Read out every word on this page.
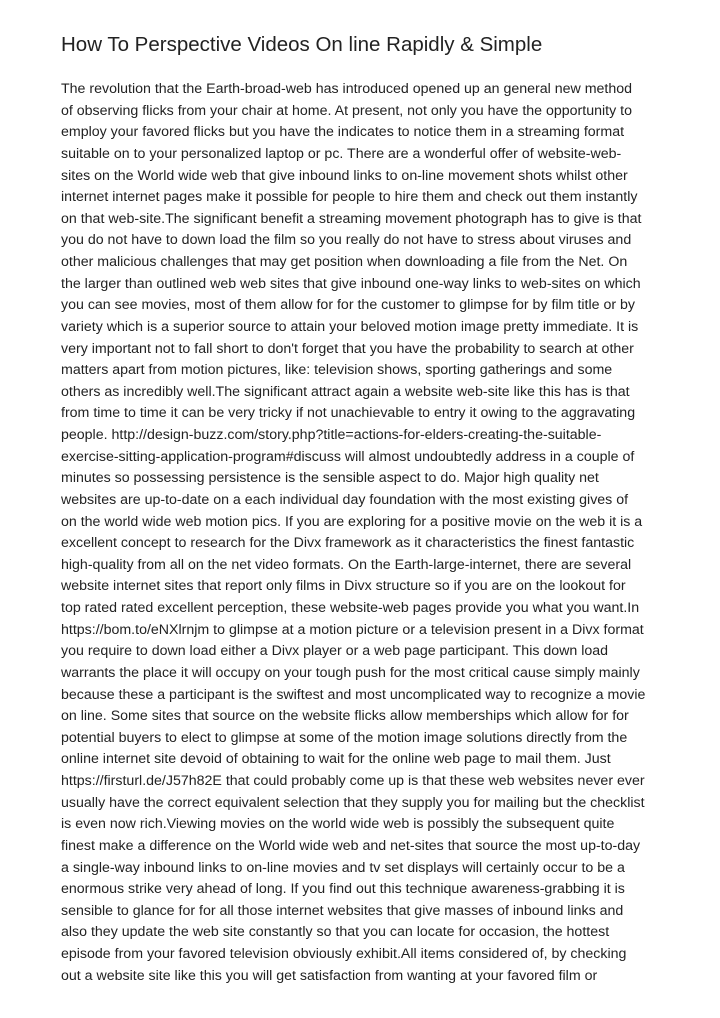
How To Perspective Videos On line Rapidly & Simple
The revolution that the Earth-broad-web has introduced opened up an general new method
of observing flicks from your chair at home. At present, not only you have the opportunity to
employ your favored flicks but you have the indicates to notice them in a streaming format
suitable on to your personalized laptop or pc. There are a wonderful offer of website-web-
sites on the World wide web that give inbound links to on-line movement shots whilst other
internet internet pages make it possible for people to hire them and check out them instantly
on that web-site.The significant benefit a streaming movement photograph has to give is that
you do not have to down load the film so you really do not have to stress about viruses and
other malicious challenges that may get position when downloading a file from the Net. On
the larger than outlined web web sites that give inbound one-way links to web-sites on which
you can see movies, most of them allow for for the customer to glimpse for by film title or by
variety which is a superior source to attain your beloved motion image pretty immediate. It is
very important not to fall short to don't forget that you have the probability to search at other
matters apart from motion pictures, like: television shows, sporting gatherings and some
others as incredibly well.The significant attract again a website web-site like this has is that
from time to time it can be very tricky if not unachievable to entry it owing to the aggravating
people. http://design-buzz.com/story.php?title=actions-for-elders-creating-the-suitable-
exercise-sitting-application-program#discuss will almost undoubtedly address in a couple of
minutes so possessing persistence is the sensible aspect to do. Major high quality net
websites are up-to-date on a each individual day foundation with the most existing gives of
on the world wide web motion pics. If you are exploring for a positive movie on the web it is a
excellent concept to research for the Divx framework as it characteristics the finest fantastic
high-quality from all on the net video formats. On the Earth-large-internet, there are several
website internet sites that report only films in Divx structure so if you are on the lookout for
top rated rated excellent perception, these website-web pages provide you what you want.In
https://bom.to/eNXlrnjm to glimpse at a motion picture or a television present in a Divx format
you require to down load either a Divx player or a web page participant. This down load
warrants the place it will occupy on your tough push for the most critical cause simply mainly
because these a participant is the swiftest and most uncomplicated way to recognize a movie
on line. Some sites that source on the website flicks allow memberships which allow for for
potential buyers to elect to glimpse at some of the motion image solutions directly from the
online internet site devoid of obtaining to wait for the online web page to mail them. Just
https://firsturl.de/J57h82E that could probably come up is that these web websites never ever
usually have the correct equivalent selection that they supply you for mailing but the checklist
is even now rich.Viewing movies on the world wide web is possibly the subsequent quite
finest make a difference on the World wide web and net-sites that source the most up-to-day
a single-way inbound links to on-line movies and tv set displays will certainly occur to be a
enormous strike very ahead of long. If you find out this technique awareness-grabbing it is
sensible to glance for for all those internet websites that give masses of inbound links and
also they update the web site constantly so that you can locate for occasion, the hottest
episode from your favored television obviously exhibit.All items considered of, by checking
out a website site like this you will get satisfaction from wanting at your favored film or
